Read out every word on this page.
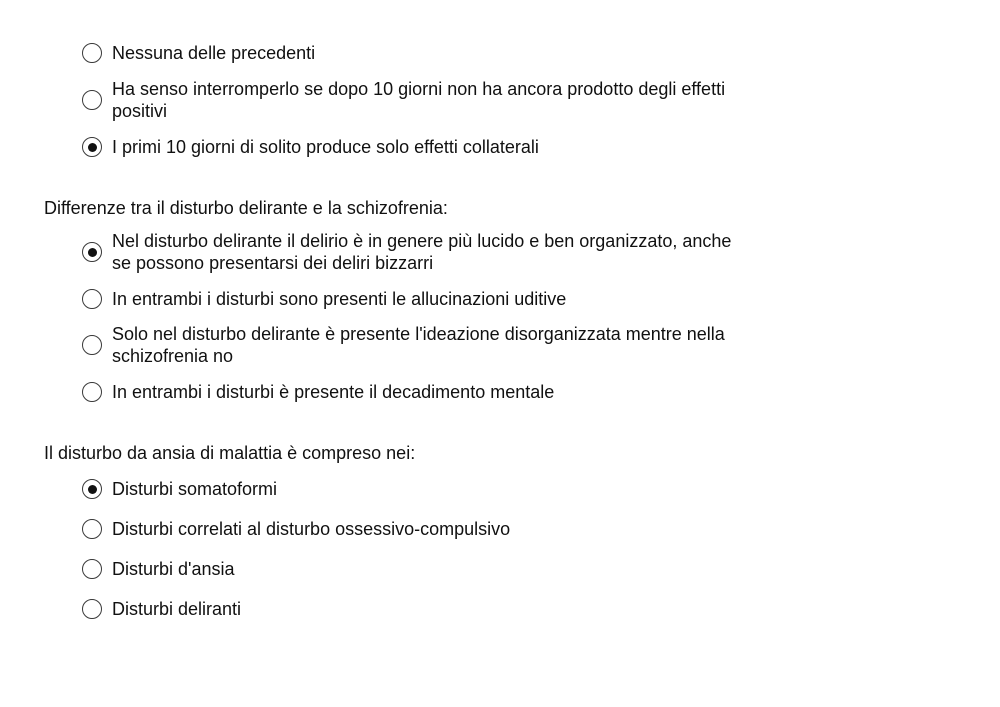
Nessuna delle precedenti
Ha senso interromperlo se dopo 10 giorni non ha ancora prodotto degli effetti positivi
I primi 10 giorni di solito produce solo effetti collaterali
Differenze tra il disturbo delirante e la schizofrenia:
Nel disturbo delirante il delirio è in genere più lucido e ben organizzato, anche se possono presentarsi dei deliri bizzarri
In entrambi i disturbi sono presenti le allucinazioni uditive
Solo nel disturbo delirante è presente l'ideazione disorganizzata mentre nella schizofrenia no
In entrambi i disturbi è presente il decadimento mentale
Il disturbo da ansia di malattia è compreso nei:
Disturbi somatoformi
Disturbi correlati al disturbo ossessivo-compulsivo
Disturbi d'ansia
Disturbi deliranti
